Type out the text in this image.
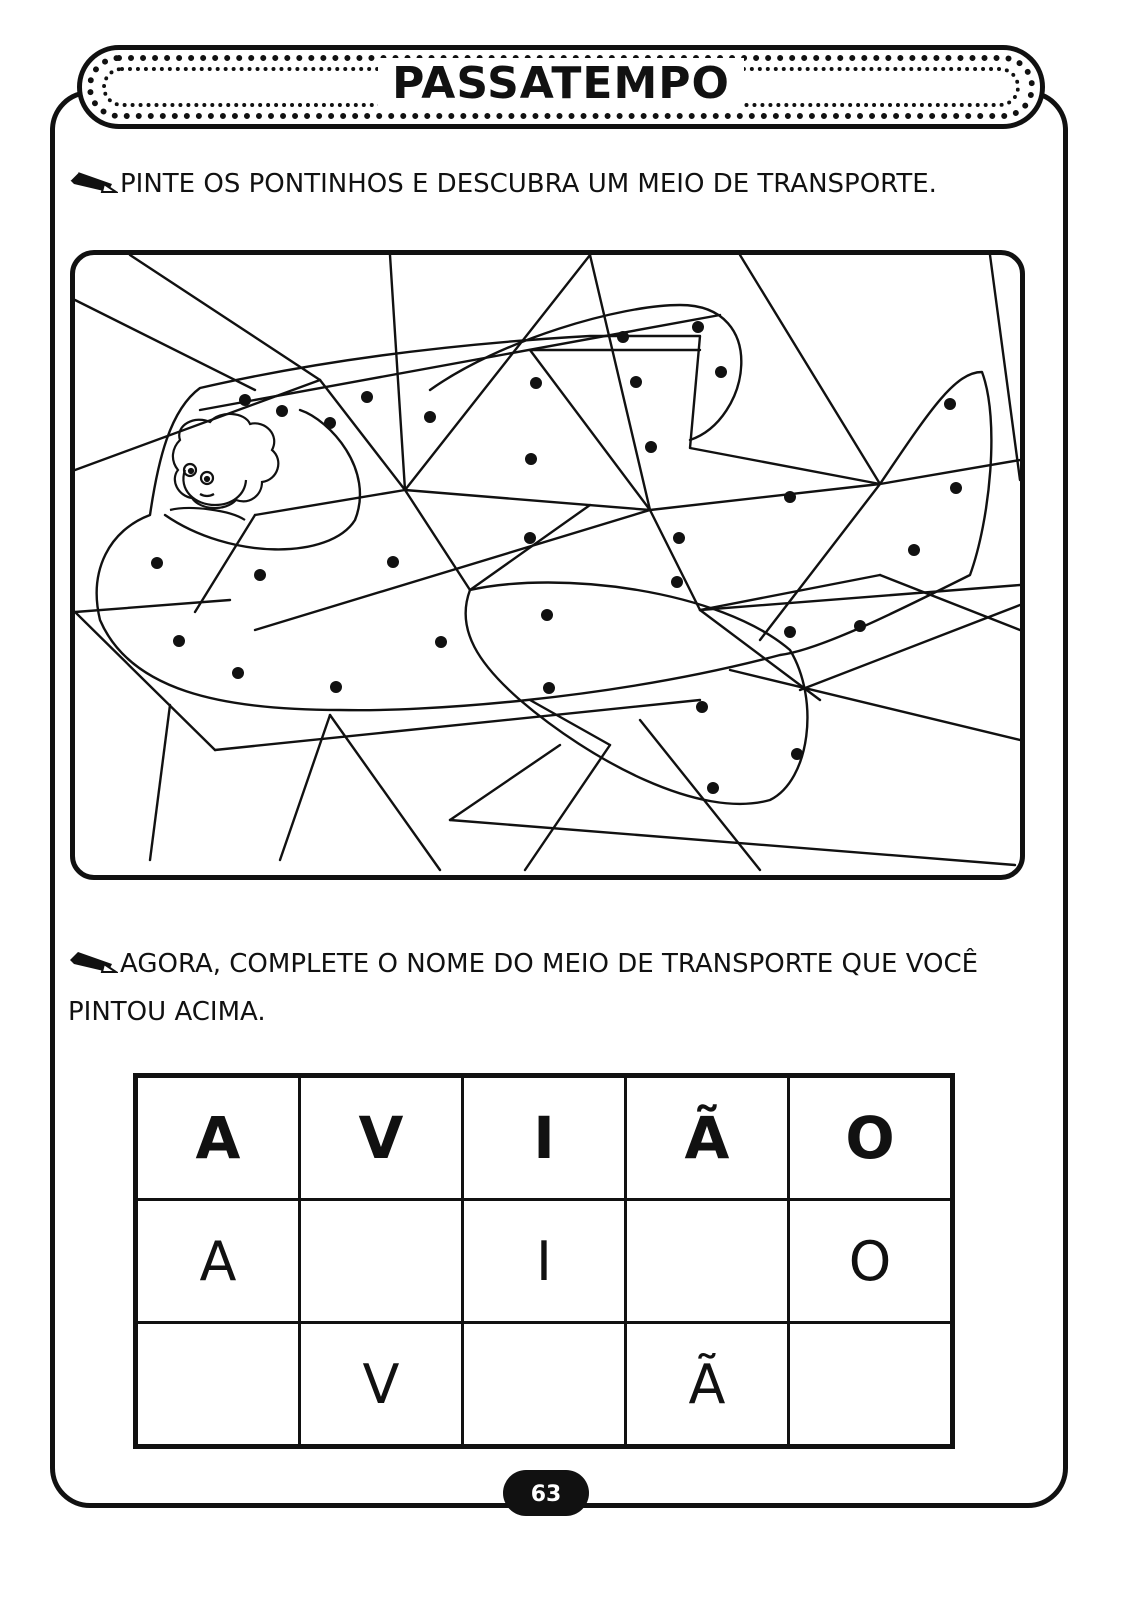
PASSATEMPO
PINTE OS PONTINHOS E DESCUBRA UM MEIO DE TRANSPORTE.
AGORA, COMPLETE O NOME DO MEIO DE TRANSPORTE QUE VOCÊ PINTOU ACIMA.
A	V	I	Ã	O
A		I		O
	V		Ã	
63
